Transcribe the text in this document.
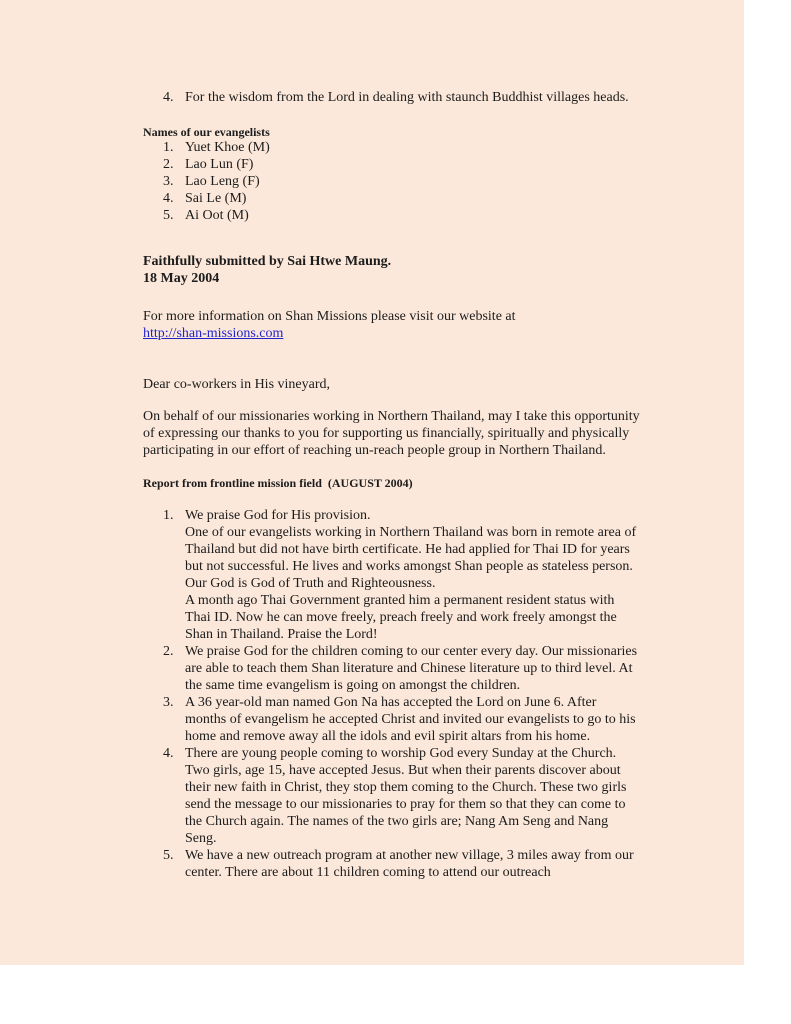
4. For the wisdom from the Lord in dealing with staunch Buddhist villages heads.
Names of our evangelists
1. Yuet Khoe (M)
2. Lao Lun (F)
3. Lao Leng (F)
4. Sai Le (M)
5. Ai Oot (M)
Faithfully submitted by Sai Htwe Maung.
18 May 2004
For more information on Shan Missions please visit our website at
http://shan-missions.com
Dear co-workers in His vineyard,
On behalf of our missionaries working in Northern Thailand, may I take this opportunity of expressing our thanks to you for supporting us financially, spiritually and physically participating in our effort of reaching un-reach people group in Northern Thailand.
Report from frontline mission field  (AUGUST 2004)
1. We praise God for His provision.
One of our evangelists working in Northern Thailand was born in remote area of Thailand but did not have birth certificate. He had applied for Thai ID for years but not successful. He lives and works amongst Shan people as stateless person.
Our God is God of Truth and Righteousness.
A month ago Thai Government granted him a permanent resident status with Thai ID. Now he can move freely, preach freely and work freely amongst the Shan in Thailand. Praise the Lord!
2. We praise God for the children coming to our center every day. Our missionaries are able to teach them Shan literature and Chinese literature up to third level. At the same time evangelism is going on amongst the children.
3. A 36 year-old man named Gon Na has accepted the Lord on June 6. After months of evangelism he accepted Christ and invited our evangelists to go to his home and remove away all the idols and evil spirit altars from his home.
4. There are young people coming to worship God every Sunday at the Church. Two girls, age 15, have accepted Jesus. But when their parents discover about their new faith in Christ, they stop them coming to the Church. These two girls send the message to our missionaries to pray for them so that they can come to the Church again. The names of the two girls are; Nang Am Seng and Nang Seng.
5. We have a new outreach program at another new village, 3 miles away from our center. There are about 11 children coming to attend our outreach
